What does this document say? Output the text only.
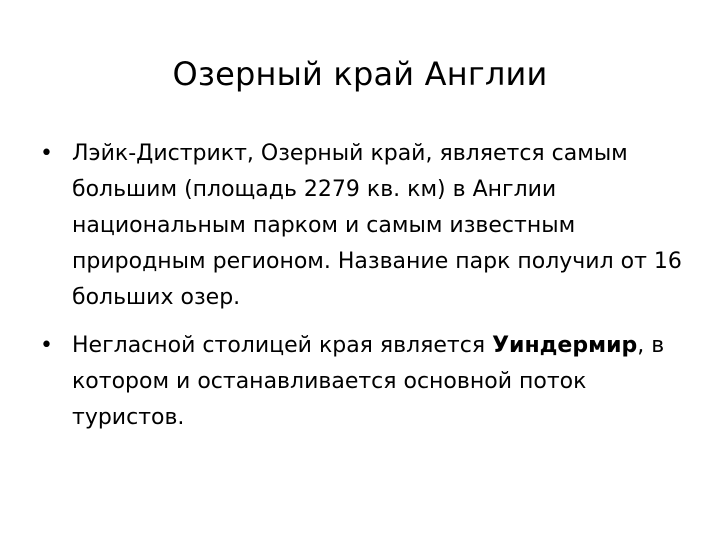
Озерный край Англии
• Лэйк-Дистрикт, Озерный край, является самым большим (площадь 2279 кв. км) в Англии национальным парком и самым известным природным регионом. Название парк получил от 16 больших озер.
• Негласной столицей края является Уиндермир, в котором и останавливается основной поток туристов.
